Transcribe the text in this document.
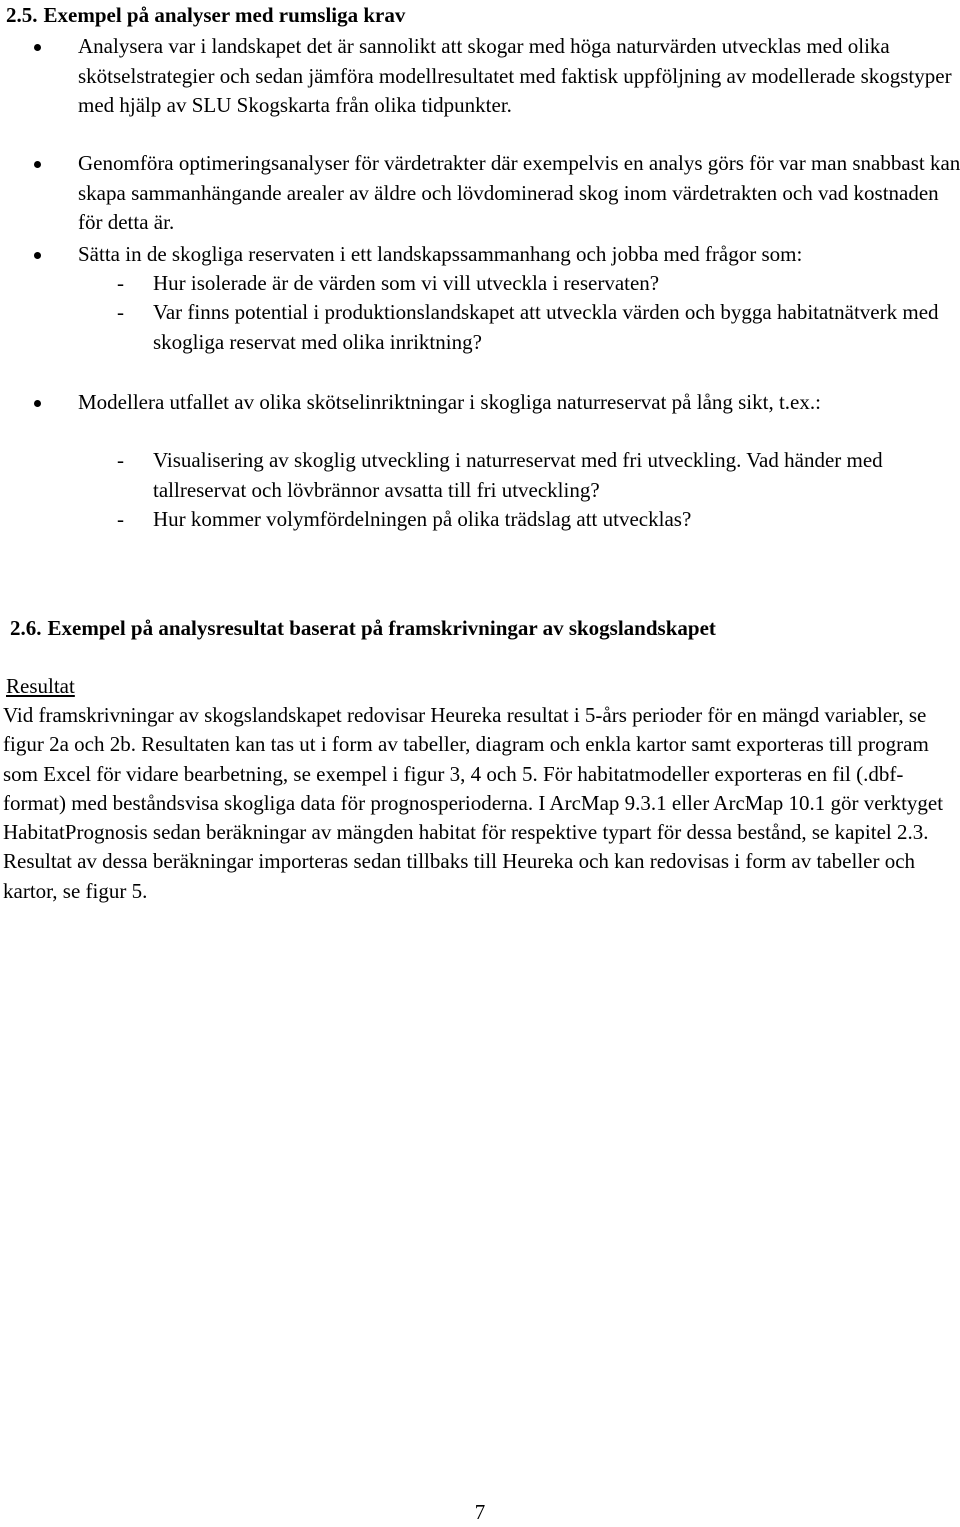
2.5. Exempel på analyser med rumsliga krav
Analysera var i landskapet det är sannolikt att skogar med höga naturvärden utvecklas med olika skötselstrategier och sedan jämföra modellresultatet med faktisk uppföljning av modellerade skogstyper med hjälp av SLU Skogskarta från olika tidpunkter.
Genomföra optimeringsanalyser för värdetrakter där exempelvis en analys görs för var man snabbast kan skapa sammanhängande arealer av äldre och lövdominerad skog inom värdetrakten och vad kostnaden för detta är.
Sätta in de skogliga reservaten i ett landskapssammanhang och jobba med frågor som:
- Hur isolerade är de värden som vi vill utveckla i reservaten?
- Var finns potential i produktionslandskapet att utveckla värden och bygga habitatnätverk med skogliga reservat med olika inriktning?
Modellera utfallet av olika skötselinriktningar i skogliga naturreservat på lång sikt, t.ex.:
- Visualisering av skoglig utveckling i naturreservat med fri utveckling. Vad händer med tallreservat och lövbrännor avsatta till fri utveckling?
- Hur kommer volymfördelningen på olika trädslag att utvecklas?
2.6. Exempel på analysresultat baserat på framskrivningar av skogslandskapet
Resultat
Vid framskrivningar av skogslandskapet redovisar Heureka resultat i 5-års perioder för en mängd variabler, se figur 2a och 2b. Resultaten kan tas ut i form av tabeller, diagram och enkla kartor samt exporteras till program som Excel för vidare bearbetning, se exempel i figur 3, 4 och 5. För habitatmodeller exporteras en fil (.dbf-format) med beståndsvisa skogliga data för prognosperioderna. I ArcMap 9.3.1 eller ArcMap 10.1 gör verktyget HabitatPrognosis sedan beräkningar av mängden habitat för respektive typart för dessa bestånd, se kapitel 2.3. Resultat av dessa beräkningar importeras sedan tillbaks till Heureka och kan redovisas i form av tabeller och kartor, se figur 5.
7
